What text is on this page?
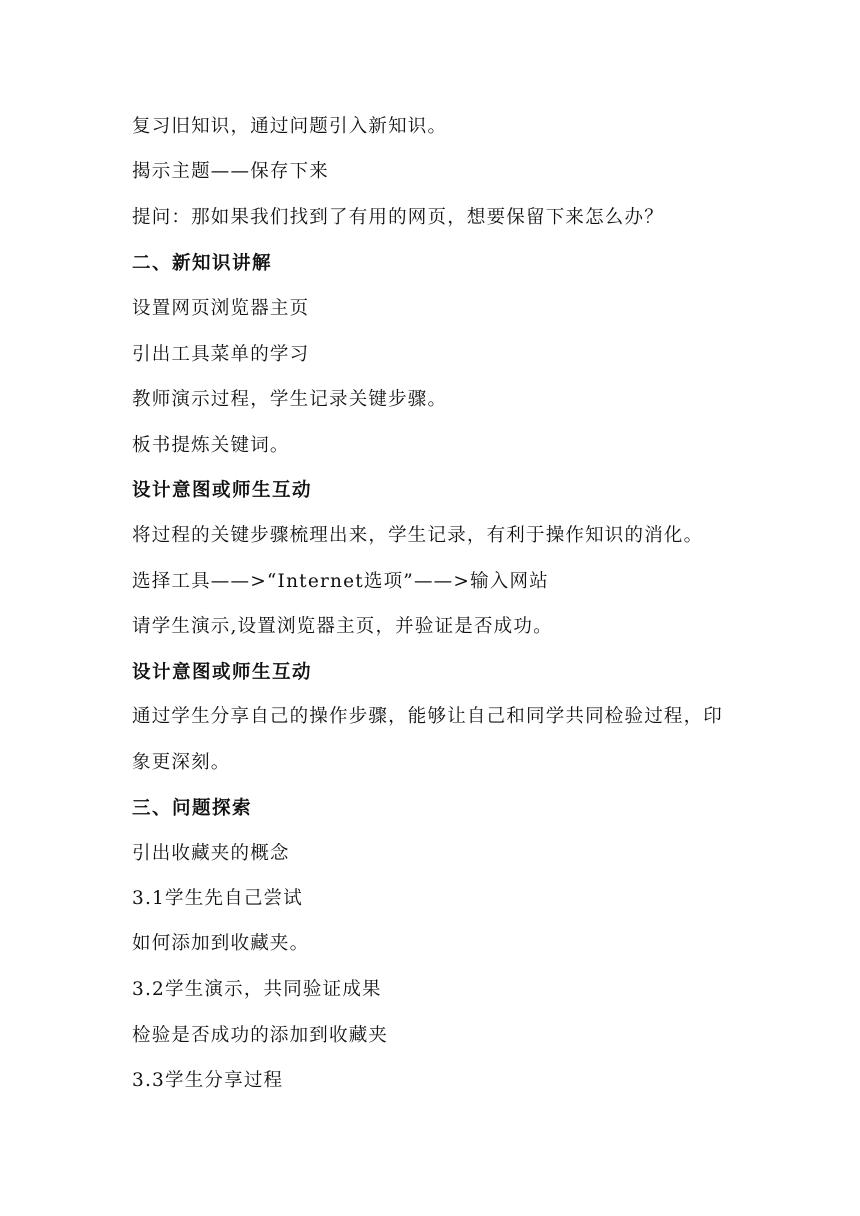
复习旧知识，通过问题引入新知识。
揭示主题——保存下来
提问：那如果我们找到了有用的网页，想要保留下来怎么办？
二、新知识讲解
设置网页浏览器主页
引出工具菜单的学习
教师演示过程，学生记录关键步骤。
板书提炼关键词。
设计意图或师生互动
将过程的关键步骤梳理出来，学生记录，有利于操作知识的消化。
选择工具——>“Internet选项”——>输入网站
请学生演示,设置浏览器主页，并验证是否成功。
设计意图或师生互动
通过学生分享自己的操作步骤，能够让自己和同学共同检验过程，印
象更深刻。
三、问题探索
引出收藏夹的概念
3.1学生先自己尝试
如何添加到收藏夹。
3.2学生演示，共同验证成果
检验是否成功的添加到收藏夹
3.3学生分享过程
